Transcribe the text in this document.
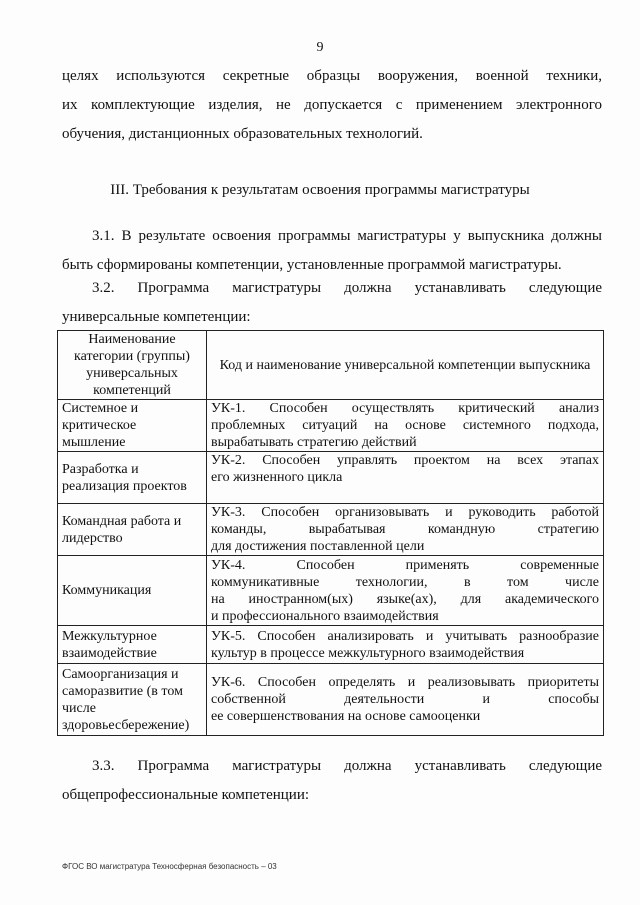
9
целях используются секретные образцы вооружения, военной техники,
их комплектующие изделия, не допускается с применением электронного
обучения, дистанционных образовательных технологий.
III. Требования к результатам освоения программы магистратуры
3.1. В результате освоения программы магистратуры у выпускника должны
быть сформированы компетенции, установленные программой магистратуры.
3.2. Программа магистратуры должна устанавливать следующие
универсальные компетенции:
Наименование категории (группы) универсальных компетенций	Код и наименование универсальной компетенции выпускника
Системное и критическое мышление	УК-1. Способен осуществлять критический анализ
проблемных ситуаций на основе системного подхода,
вырабатывать стратегию действий

Разработка и реализация проектов	УК-2. Способен управлять проектом на всех этапах
его жизненного цикла

Командная работа и лидерство	УК-3. Способен организовывать и руководить работой
команды, вырабатывая командную стратегию
для достижения поставленной цели

Коммуникация	УК-4. Способен применять современные
коммуникативные технологии, в том числе
на иностранном(ых) языке(ах), для академического
и профессионального взаимодействия

Межкультурное взаимодействие	УК-5. Способен анализировать и учитывать разнообразие
культур в процессе межкультурного взаимодействия

Самоорганизация и саморазвитие (в том числе здоровьесбережение)	УК-6. Способен определять и реализовывать приоритеты
собственной деятельности и способы
ее совершенствования на основе самооценки
3.3. Программа магистратуры должна устанавливать следующие
общепрофессиональные компетенции:
ФГОС ВО магистратура Техносферная безопасность – 03
